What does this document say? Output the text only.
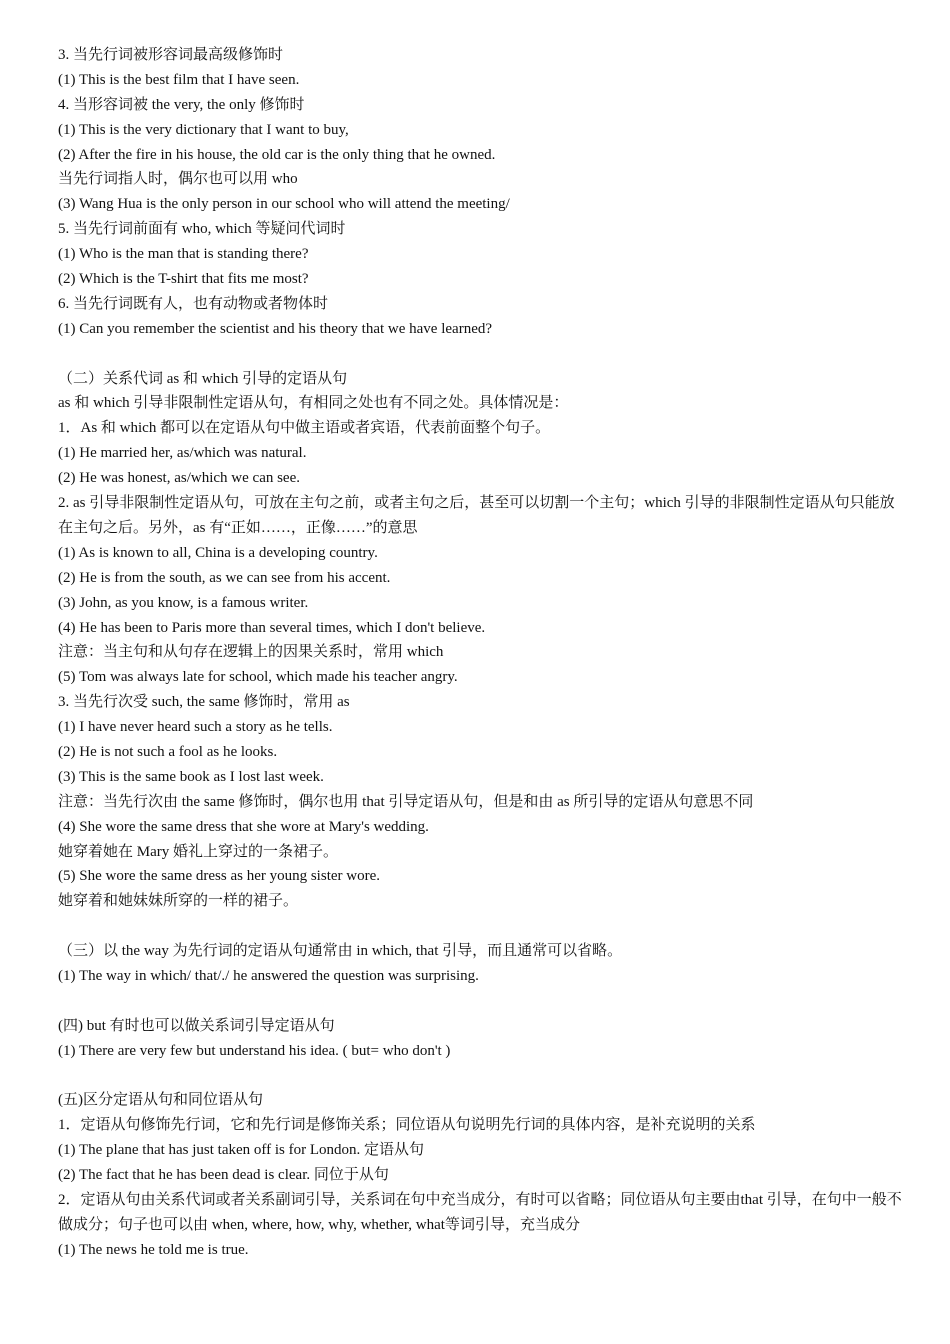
3. 当先行词被形容词最高级修饰时
(1) This is the best film that I have seen.
4. 当形容词被 the very, the only 修饰时
(1) This is the very dictionary that I want to buy,
(2) After the fire in his house, the old car is the only thing that he owned.
当先行词指人时，偶尔也可以用 who
(3) Wang Hua is the only person in our school who will attend the meeting/
5. 当先行词前面有 who, which 等疑问代词时
(1) Who is the man that is standing there?
(2) Which is the T-shirt that fits me most?
6. 当先行词既有人，也有动物或者物体时
(1) Can you remember the scientist and his theory that we have learned?
（二）关系代词 as 和 which 引导的定语从句
as 和 which 引导非限制性定语从句，有相同之处也有不同之处。具体情况是：
1．As 和 which 都可以在定语从句中做主语或者宾语，代表前面整个句子。
(1) He married her, as/which was natural.
(2) He was honest, as/which we can see.
2. as 引导非限制性定语从句，可放在主句之前，或者主句之后，甚至可以切割一个主句；which 引导的非限制性定语从句只能放在主句之后。另外，as 有“正如……，正像……”的意思
(1) As is known to all, China is a developing country.
(2) He is from the south, as we can see from his accent.
(3) John, as you know, is a famous writer.
(4) He has been to Paris more than several times, which I don't believe.
注意：当主句和从句存在逻辑上的因果关系时，常用 which
(5) Tom was always late for school, which made his teacher angry.
3. 当先行次受 such, the same 修饰时，常用 as
(1) I have never heard such a story as he tells.
(2) He is not such a fool as he looks.
(3) This is the same book as I lost last week.
注意：当先行次由 the same 修饰时，偶尔也用 that 引导定语从句，但是和由 as 所引导的定语从句意思不同
(4) She wore the same dress that she wore at Mary's wedding.
她穿着她在 Mary 婚礼上穿过的一条裙子。
(5) She wore the same dress as her young sister wore.
她穿着和她妹妹所穿的一样的裙子。
（三）以 the way 为先行词的定语从句通常由 in which, that 引导，而且通常可以省略。
(1) The way in which/ that/./ he answered the question was surprising.
(四) but 有时也可以做关系词引导定语从句
(1) There are very few but understand his idea. ( but= who don't )
(五)区分定语从句和同位语从句
1．定语从句修饰先行词，它和先行词是修饰关系；同位语从句说明先行词的具体内容，是补充说明的关系
(1) The plane that has just taken off is for London. 定语从句
(2) The fact that he has been dead is clear. 同位于从句
2．定语从句由关系代词或者关系副词引导，关系词在句中充当成分，有时可以省略；同位语从句主要由that 引导，在句中一般不做成分；句子也可以由 when, where, how, why, whether, what等词引导，充当成分
(1) The news he told me is true.
